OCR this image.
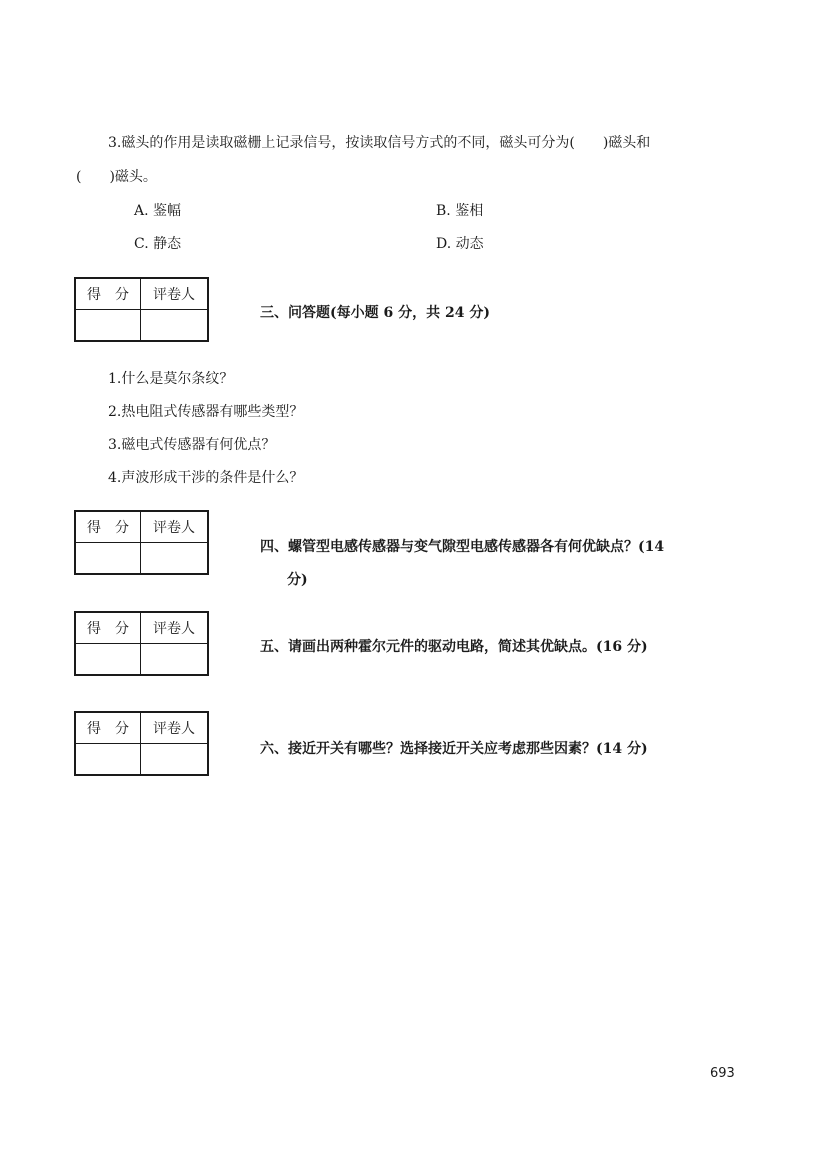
3.磁头的作用是读取磁栅上记录信号，按读取信号方式的不同，磁头可分为(　　)磁头和
(　　)磁头。
A. 鉴幅	B. 鉴相
C. 静态	D. 动态
得　分	评卷人

三、问答题(每小题 6 分，共 24 分)
1.什么是莫尔条纹？
2.热电阻式传感器有哪些类型？
3.磁电式传感器有何优点？
4.声波形成干涉的条件是什么？
得　分	评卷人

四、螺管型电感传感器与变气隙型电感传感器各有何优缺点？(14
分)
得　分	评卷人

五、请画出两种霍尔元件的驱动电路，简述其优缺点。(16 分)
得　分	评卷人

六、接近开关有哪些？选择接近开关应考虑那些因素？(14 分)
693
